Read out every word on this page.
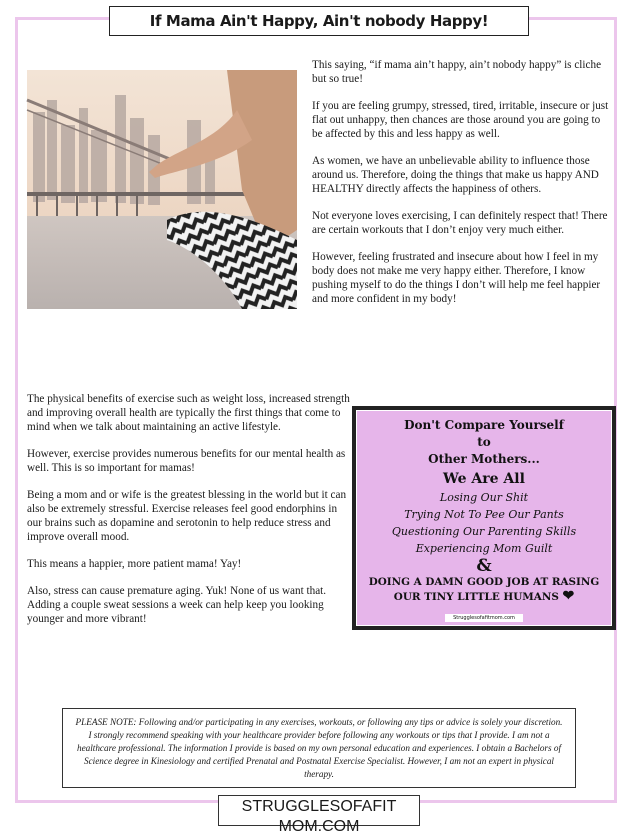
If Mama Ain't Happy, Ain't nobody Happy!

This saying, “if mama ain’t happy, ain’t nobody happy” is cliche but so true!

If you are feeling grumpy, stressed, tired, irritable, insecure or just flat out unhappy, then chances are those around you are going to be affected by this and less happy as well.

As women, we have an unbelievable ability to influence those around us. Therefore, doing the things that make us happy AND HEALTHY directly affects the happiness of others.

Not everyone loves exercising, I can definitely respect that! There are certain workouts that I don’t enjoy very much either.

However, feeling frustrated and insecure about how I feel in my body does not make me very happy either. Therefore, I know pushing myself to do the things I don’t will help me feel happier and more confident in my body!

The physical benefits of exercise such as weight loss, increased strength and improving overall health are typically the first things that come to mind when we talk about maintaining an active lifestyle.

However, exercise provides numerous benefits for our mental health as well. This is so important for mamas!

Being a mom and or wife is the greatest blessing in the world but it can also be extremely stressful. Exercise releases feel good endorphins in our brains such as dopamine and serotonin to help reduce stress and improve overall mood.

This means a happier, more patient mama! Yay!

Also, stress can cause premature aging. Yuk! None of us want that. Adding a couple sweat sessions a week can help keep you looking younger and more vibrant!

Don't Compare Yourself
to
Other Mothers...
We Are All
Losing Our Shit
Trying Not To Pee Our Pants
Questioning Our Parenting Skills
Experiencing Mom Guilt
&
DOING A DAMN GOOD JOB AT RASING OUR TINY LITTLE HUMANS ❤
Strugglesofafitmom.com
PLEASE NOTE: Following and/or participating in any exercises, workouts, or following any tips or advice is solely your discretion. I strongly recommend speaking with your healthcare provider before following any workouts or tips that I provide. I am not a healthcare professional. The information I provide is based on my own personal education and experiences. I obtain a Bachelors of Science degree in Kinesiology and certified Prenatal and Postnatal Exercise Specialist. However, I am not an expert in physical therapy.
STRUGGLESOFAFIT MOM.COM
